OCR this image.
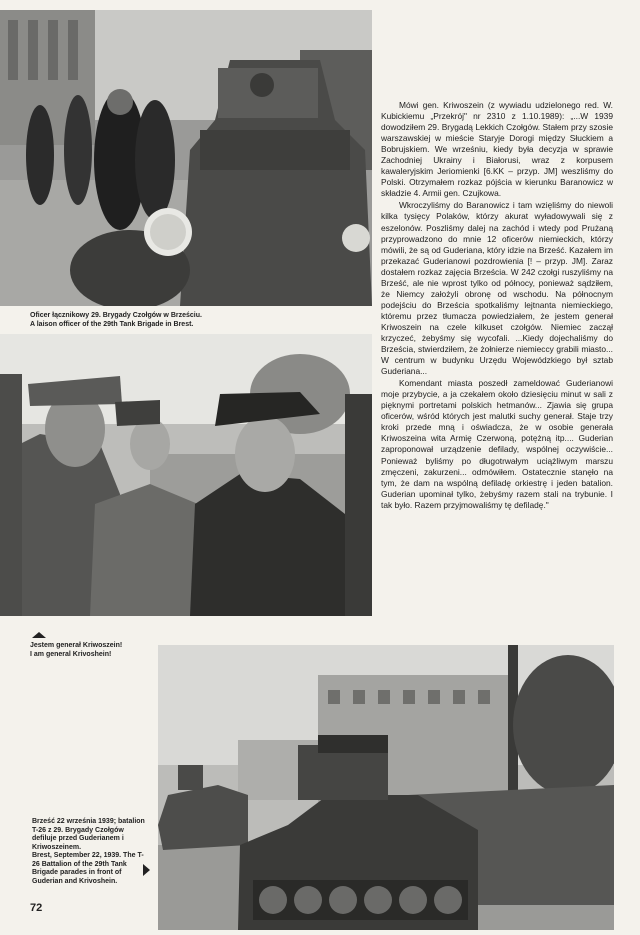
Oficer łącznikowy 29. Brygady Czołgów w Brześciu.
A laison officer of the 29th Tank Brigade in Brest.
Jestem generał Kriwoszein!
I am general Krivoshein!
Brześć 22 września 1939; batalion T-26 z 29. Brygady Czołgów defiluje przed Guderianem i Kriwoszeinem.
Brest, September 22, 1939. The T-26 Battalion of the 29th Tank Brigade parades in front of Guderian and Krivoshein.

Mówi gen. Kriwoszein (z wywiadu udzielonego red. W. Kubickiemu „Przekrój" nr 2310 z 1.10.1989): „...W 1939 dowodziłem 29. Brygadą Lekkich Czołgów. Stałem przy szosie warszawskiej w mieście Staryje Dorogi między Słuckiem a Bobrujskiem. We wrześniu, kiedy była decyzja w sprawie Zachodniej Ukrainy i Białorusi, wraz z korpusem kawaleryjskim Jeriomienki [6.KK – przyp. JM] weszliśmy do Polski. Otrzymałem rozkaz pójścia w kierunku Baranowicz w składzie 4. Armii gen. Czujkowa.

Wkroczyliśmy do Baranowicz i tam wzięliśmy do niewoli kilka tysięcy Polaków, którzy akurat wyładowywali się z eszelonów. Poszliśmy dalej na zachód i wtedy pod Prużaną przyprowadzono do mnie 12 oficerów niemieckich, którzy mówili, że są od Guderiana, który idzie na Brześć. Kazałem im przekazać Guderianowi pozdrowienia [! – przyp. JM]. Zaraz dostałem rozkaz zajęcia Brześcia. W 242 czołgi ruszyliśmy na Brześć, ale nie wprost tylko od północy, ponieważ sądziłem, że Niemcy założyli obronę od wschodu. Na północnym podejściu do Brześcia spotkaliśmy lejtnanta niemieckiego, któremu przez tłumacza powiedziałem, że jestem generał Kriwoszein na czele kilkuset czołgów. Niemiec zaczął krzyczeć, żebyśmy się wycofali. ...Kiedy dojechaliśmy do Brześcia, stwierdziłem, że żołnierze niemieccy grabili miasto... W centrum w budynku Urzędu Wojewódzkiego był sztab Guderiana...

Komendant miasta poszedł zameldować Guderianowi moje przybycie, a ja czekałem około dziesięciu minut w sali z pięknymi portretami polskich hetmanów... Zjawia się grupa oficerów, wśród których jest malutki suchy generał. Staje trzy kroki przede mną i oświadcza, że w osobie generała Kriwoszeina wita Armię Czerwoną, potężną itp.... Guderian zaproponował urządzenie defilady, wspólnej oczywiście... Ponieważ byliśmy po długotrwałym uciążliwym marszu zmęczeni, zakurzeni... odmówiłem. Ostatecznie stanęło na tym, że dam na wspólną defiladę orkiestrę i jeden batalion. Guderian upominał tylko, żebyśmy razem stali na trybunie. I tak było. Razem przyjmowaliśmy tę defiladę."

72
